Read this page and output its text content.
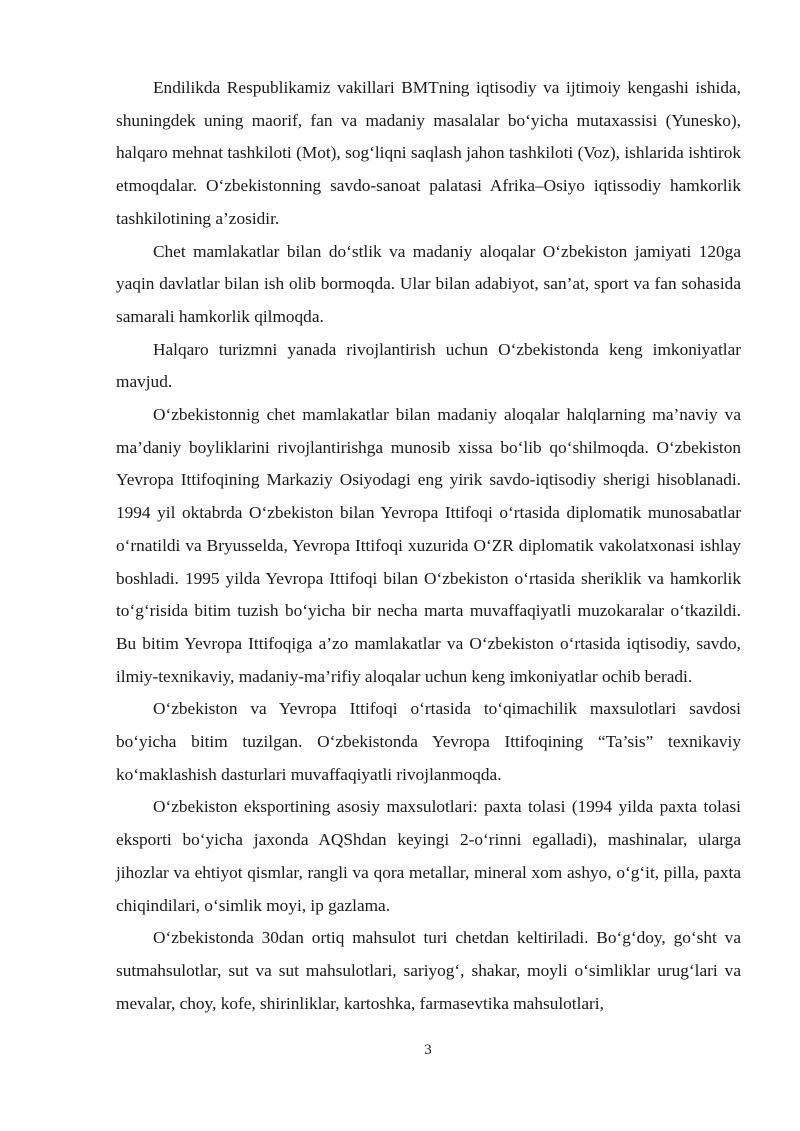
Endilikda Respublikamiz vakillari BMTning iqtisodiy va ijtimoiy kengashi ishida, shuningdek uning maorif, fan va madaniy masalalar bo‘yicha mutaxassisi (Yunesko), halqaro mehnat tashkiloti (Mot), sog‘liqni saqlash jahon tashkiloti (Voz), ishlarida ishtirok etmoqdalar. O‘zbekistonning savdo-sanoat palatasi Afrika–Osiyo iqtissodiy hamkorlik tashkilotining a’zosidir.

Chet mamlakatlar bilan do‘stlik va madaniy aloqalar O‘zbekiston jamiyati 120ga yaqin davlatlar bilan ish olib bormoqda. Ular bilan adabiyot, san’at, sport va fan sohasida samarali hamkorlik qilmoqda.

Halqaro turizmni yanada rivojlantirish uchun O‘zbekistonda keng imkoniyatlar mavjud.

O‘zbekistonnig chet mamlakatlar bilan madaniy aloqalar halqlarning ma’naviy va ma’daniy boyliklarini rivojlantirishga munosib xissa bo‘lib qo‘shilmoqda. O‘zbekiston Yevropa Ittifoqining Markaziy Osiyodagi eng yirik savdo-iqtisodiy sherigi hisoblanadi. 1994 yil oktabrda O‘zbekiston bilan Yevropa Ittifoqi o‘rtasida diplomatik munosabatlar o‘rnatildi va Bryusselda, Yevropa Ittifoqi xuzurida O‘ZR diplomatik vakolatxonasi ishlay boshladi. 1995 yilda Yevropa Ittifoqi bilan O‘zbekiston o‘rtasida sheriklik va hamkorlik to‘g‘risida bitim tuzish bo‘yicha bir necha marta muvaffaqiyatli muzokaralar o‘tkazildi. Bu bitim Yevropa Ittifoqiga a’zo mamlakatlar va O‘zbekiston o‘rtasida iqtisodiy, savdo, ilmiy-texnikaviy, madaniy-ma’rifiy aloqalar uchun keng imkoniyatlar ochib beradi.

O‘zbekiston va Yevropa Ittifoqi o‘rtasida to‘qimachilik maxsulotlari savdosi bo‘yicha bitim tuzilgan. O‘zbekistonda Yevropa Ittifoqining “Ta’sis” texnikaviy ko‘maklashish dasturlari muvaffaqiyatli rivojlanmoqda.

O‘zbekiston eksportining asosiy maxsulotlari: paxta tolasi (1994 yilda paxta tolasi eksporti bo‘yicha jaxonda AQShdan keyingi 2-o‘rinni egalladi), mashinalar, ularga jihozlar va ehtiyot qismlar, rangli va qora metallar, mineral xom ashyo, o‘g‘it, pilla, paxta chiqindilari, o‘simlik moyi, ip gazlama.

O‘zbekistonda 30dan ortiq mahsulot turi chetdan keltiriladi. Bo‘g‘doy, go‘sht va sutmahsulotlar, sut va sut mahsulotlari, sariyog‘, shakar, moyli o‘simliklar urug‘lari va mevalar, choy, kofe, shirinliklar, kartoshka, farmasevtika mahsulotlari,

3
